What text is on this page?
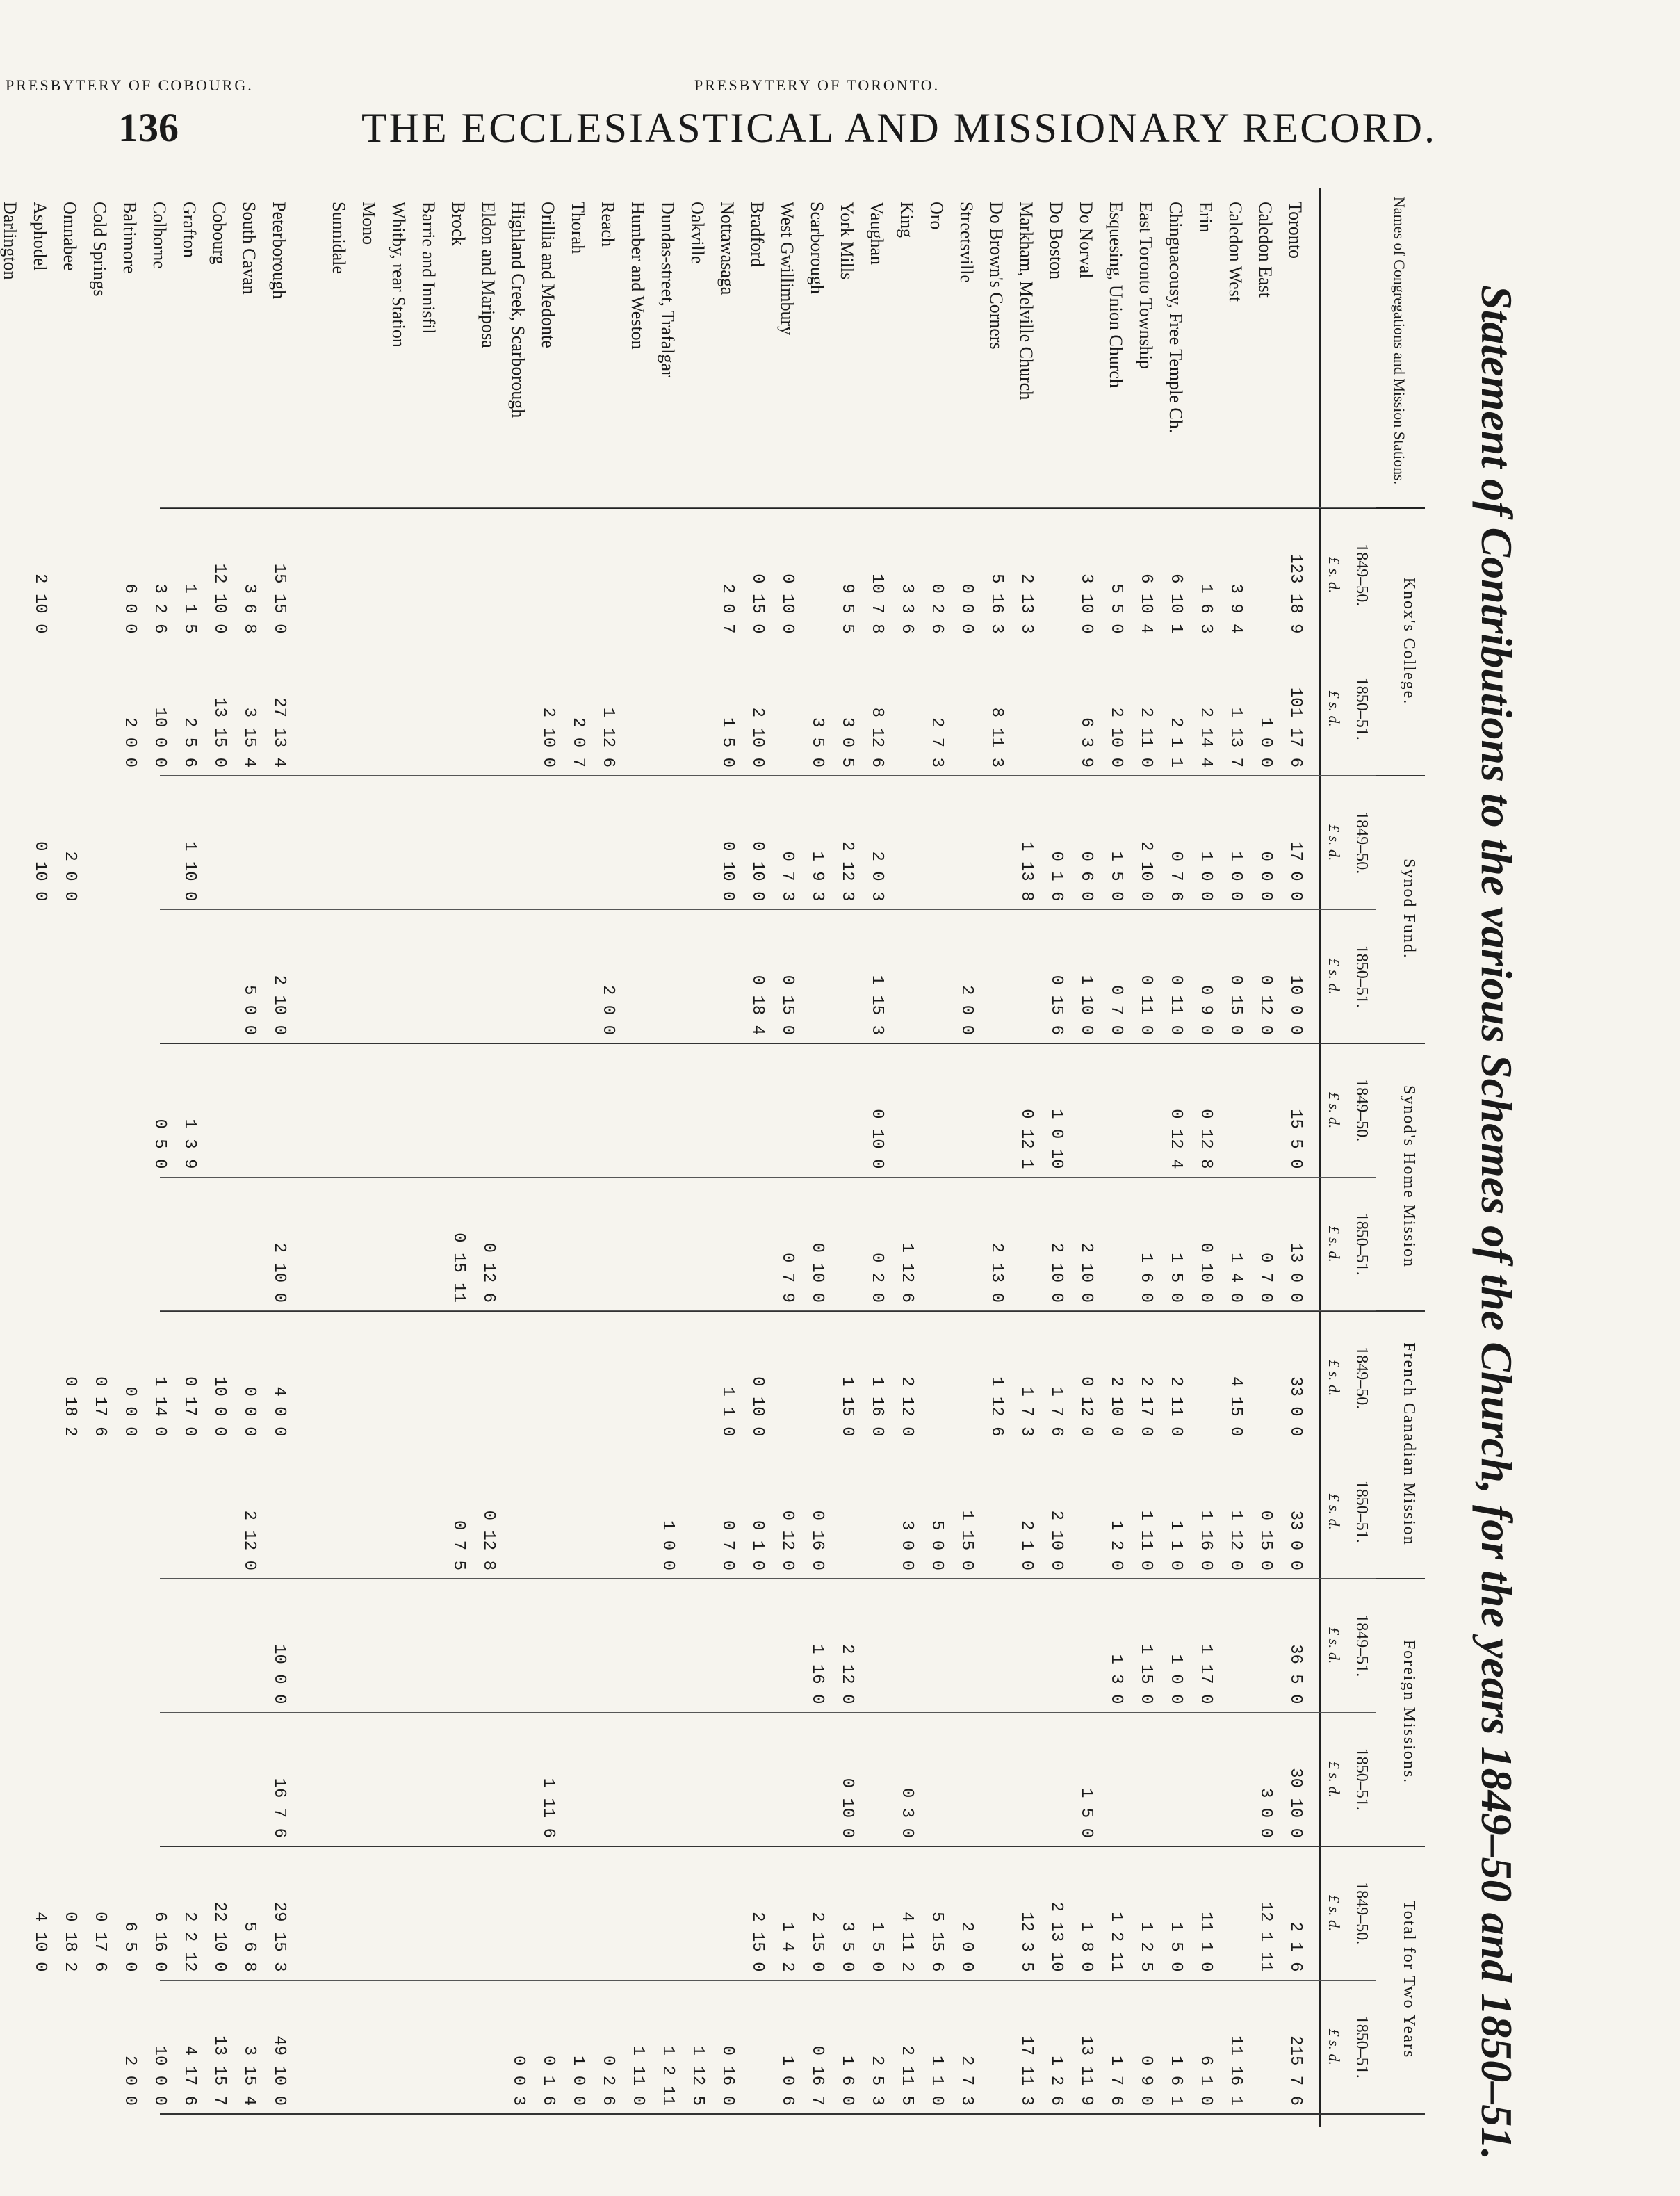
136	THE ECCLESIASTICAL AND MISSIONARY RECORD.
Statement of Contributions to the various Schemes of the Church, for the years 1849–50 and 1850–51.
Names of Congregations and Mission Stations.
Toronto
Caledon East
Caledon West
Erin
Chinguacousy, Free Temple Ch.
East Toronto Township
Esquesing, Union Church
Do Norval
Do Boston
Markham, Melville Church
Do Brown's Corners
Streetsville
Oro
King
Vaughan
York Mills
Scarborough
West Gwillimbury
Bradford
Nottawasaga
Oakville
Dundas-street, Trafalgar
Humber and Weston
Reach
Thorah
Orillia and Medonte
Highland Creek, Scarborough
Eldon and Mariposa
Brock
Barrie and Innisfil
Whitby, rear Station
Mono
Sunnidale
Peterborough
South Cavan
Cobourg
Grafton
Colborne
Baltimore
Cold Springs
Omnabee
Asphodel
Darlington
PRESBYTERY OF TORONTO.
PRESBYTERY OF COBOURG.
Knox's College.
1849–50.
£ s. d.
123 18 9
3 9 4
1 6 3
6 10 1
6 10 4
5 5 0
3 10 0
2 13 3
5 16 3
0 0 0
0 2 6
3 3 6
10 7 8
9 5 5
0 10 0
0 15 0
2 0 7
15 15 0
3 6 8
12 10 0
1 1 5
3 2 6
6 0 0
2 10 0
1850–51.
£ s. d.
101 17 6
1 0 0
1 13 7
2 14 4
2 1 1
2 11 0
2 10 0
6 3 9
8 11 3
2 7 3
8 12 6
3 0 5
3 5 0
2 10 0
1 5 0
1 12 6
2 0 7
2 10 0
27 13 4
3 15 4
13 15 0
2 5 6
10 0 0
2 0 0
Synod Fund.
1849–50.
£ s. d.
17 0 0
0 0 0
1 0 0
1 0 0
0 7 6
2 10 0
1 5 0
0 6 0
0 1 6
1 13 8
2 0 3
2 12 3
1 9 3
0 7 3
0 10 0
0 10 0
1 10 0
2 0 0
0 10 0
1850–51.
£ s. d.
10 0 0
0 12 0
0 15 0
0 9 0
0 11 0
0 11 0
0 7 0
1 10 0
0 15 6
2 0 0
1 15 3
0 15 0
0 18 4
2 0 0
2 10 0
5 0 0
Synod's Home Mission
1849–50.
£ s. d.
15 5 0
0 12 8
0 12 4
1 0 10
0 12 1
0 10 0
1 3 9
0 5 0
1850–51.
£ s. d.
13 0 0
0 7 0
1 4 0
0 10 0
1 5 0
1 6 0
2 10 0
2 10 0
2 13 0
1 12 6
0 2 0
0 10 0
0 7 9
0 12 6
0 15 11
2 10 0
French Canadian Mission
1849–50.
£ s. d.
33 0 0
4 15 0
2 11 0
2 17 0
2 10 0
0 12 0
1 7 6
1 7 3
1 12 6
2 12 0
1 16 0
1 15 0
0 10 0
1 1 0
4 0 0
0 0 0
10 0 0
0 17 0
1 14 0
0 0 0
0 17 6
0 18 2
1850–51.
£ s. d.
33 0 0
0 15 0
1 12 0
1 16 0
1 1 0
1 11 0
1 2 0
2 10 0
2 1 0
1 15 0
5 0 0
3 0 0
0 16 0
0 12 0
0 1 0
0 7 0
1 0 0
0 12 8
0 7 5
2 12 0
Foreign Missions.
1849–51.
£ s. d.
36 5 0
1 17 0
1 0 0
1 15 0
1 3 0
2 12 0
1 16 0
10 0 0
1850–51.
£ s. d.
30 10 0
3 0 0
1 5 0
0 3 0
0 10 0
1 11 6
16 7 6
Total for Two Years
1849–50.
£ s. d.
2 1 6
12 1 11
11 1 0
1 5 0
1 2 5
1 2 11
1 8 0
2 13 10
12 3 5
2 0 0
5 15 6
4 11 2
1 5 0
3 5 0
2 15 0
1 4 2
2 15 0
29 15 3
5 6 8
22 10 0
2 2 12
6 16 0
6 5 0
0 17 6
0 18 2
4 10 0
1850–51.
£ s. d.
215 7 6
11 16 1
6 1 0
1 6 1
0 9 0
1 7 6
13 11 9
1 2 6
17 11 3
2 7 3
1 1 0
2 11 5
2 5 3
1 6 0
0 16 7
1 0 6
0 16 0
1 12 5
1 2 11
1 11 0
0 2 6
1 0 0
0 1 6
0 0 3
49 10 0
3 15 4
13 15 7
4 17 6
10 0 0
2 0 0
